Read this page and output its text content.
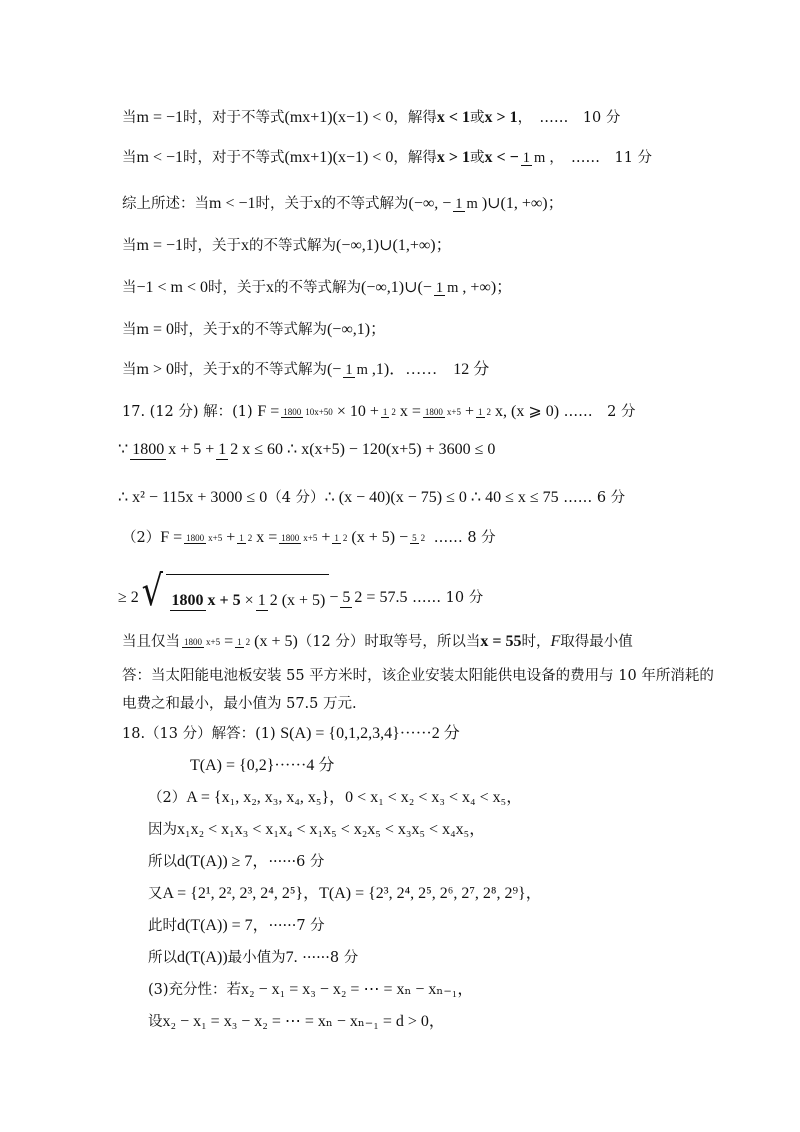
当m = −1时，对于不等式(mx+1)(x−1) < 0，解得x < 1或x > 1，　……　10 分
当m < −1时，对于不等式(mx+1)(x−1) < 0，解得x > 1或x < − 1 m ，　……　11 分
综上所述：当m < −1时，关于x的不等式解为(−∞, − 1 m )∪(1, +∞)；
当m = −1时，关于x的不等式解为(−∞,1)∪(1,+∞)；
当−1 < m < 0时，关于x的不等式解为(−∞,1)∪(− 1 m , +∞)；
当m = 0时，关于x的不等式解为(−∞,1)；
当m > 0时，关于x的不等式解为(− 1 m ,1)．……　12 分
17. (12 分) 解：(1) F = 1800 10x+50 × 10 + 1 2 x = 1800 x+5 + 1 2 x, (x ⩾ 0) ……　2 分
∵ 1800 x + 5 + 1 2 x ≤ 60 ∴ x(x+5) − 120(x+5) + 3600 ≤ 0
∴ x² − 115x + 3000 ≤ 0（4 分）∴ (x − 40)(x − 75) ≤ 0 ∴ 40 ≤ x ≤ 75 …… 6 分
（2）F = 1800 x+5 + 1 2 x = 1800 x+5 + 1 2 (x + 5) − 5 2 …… 8 分
≥ 2√ 1800 x + 5 × 1 2 (x + 5) − 5 2 = 57.5 …… 10 分
当且仅当 1800 x+5 = 1 2 (x + 5)（12 分）时取等号，所以当x = 55时，F取得最小值
答：当太阳能电池板安装 55 平方米时，该企业安装太阳能供电设备的费用与 10 年所消耗的
电费之和最小，最小值为 57.5 万元.
18.（13 分）解答：(1) S(A) = {0,1,2,3,4}······2 分
T(A) = {0,2}······4 分
（2）A = {x₁, x₂, x₃, x₄, x₅}，0 < x₁ < x₂ < x₃ < x₄ < x₅，
因为x₁x₂ < x₁x₃ < x₁x₄ < x₁x₅ < x₂x₅ < x₃x₅ < x₄x₅，
所以d(T(A)) ≥ 7，······6 分
又A = {2¹, 2², 2³, 2⁴, 2⁵}，T(A) = {2³, 2⁴, 2⁵, 2⁶, 2⁷, 2⁸, 2⁹}，
此时d(T(A)) = 7，······7 分
所以d(T(A))最小值为7. ······8 分
(3)充分性：若x₂ − x₁ = x₃ − x₂ = ⋯ = xₙ − xₙ₋₁，
设x₂ − x₁ = x₃ − x₂ = ⋯ = xₙ − xₙ₋₁ = d > 0，
